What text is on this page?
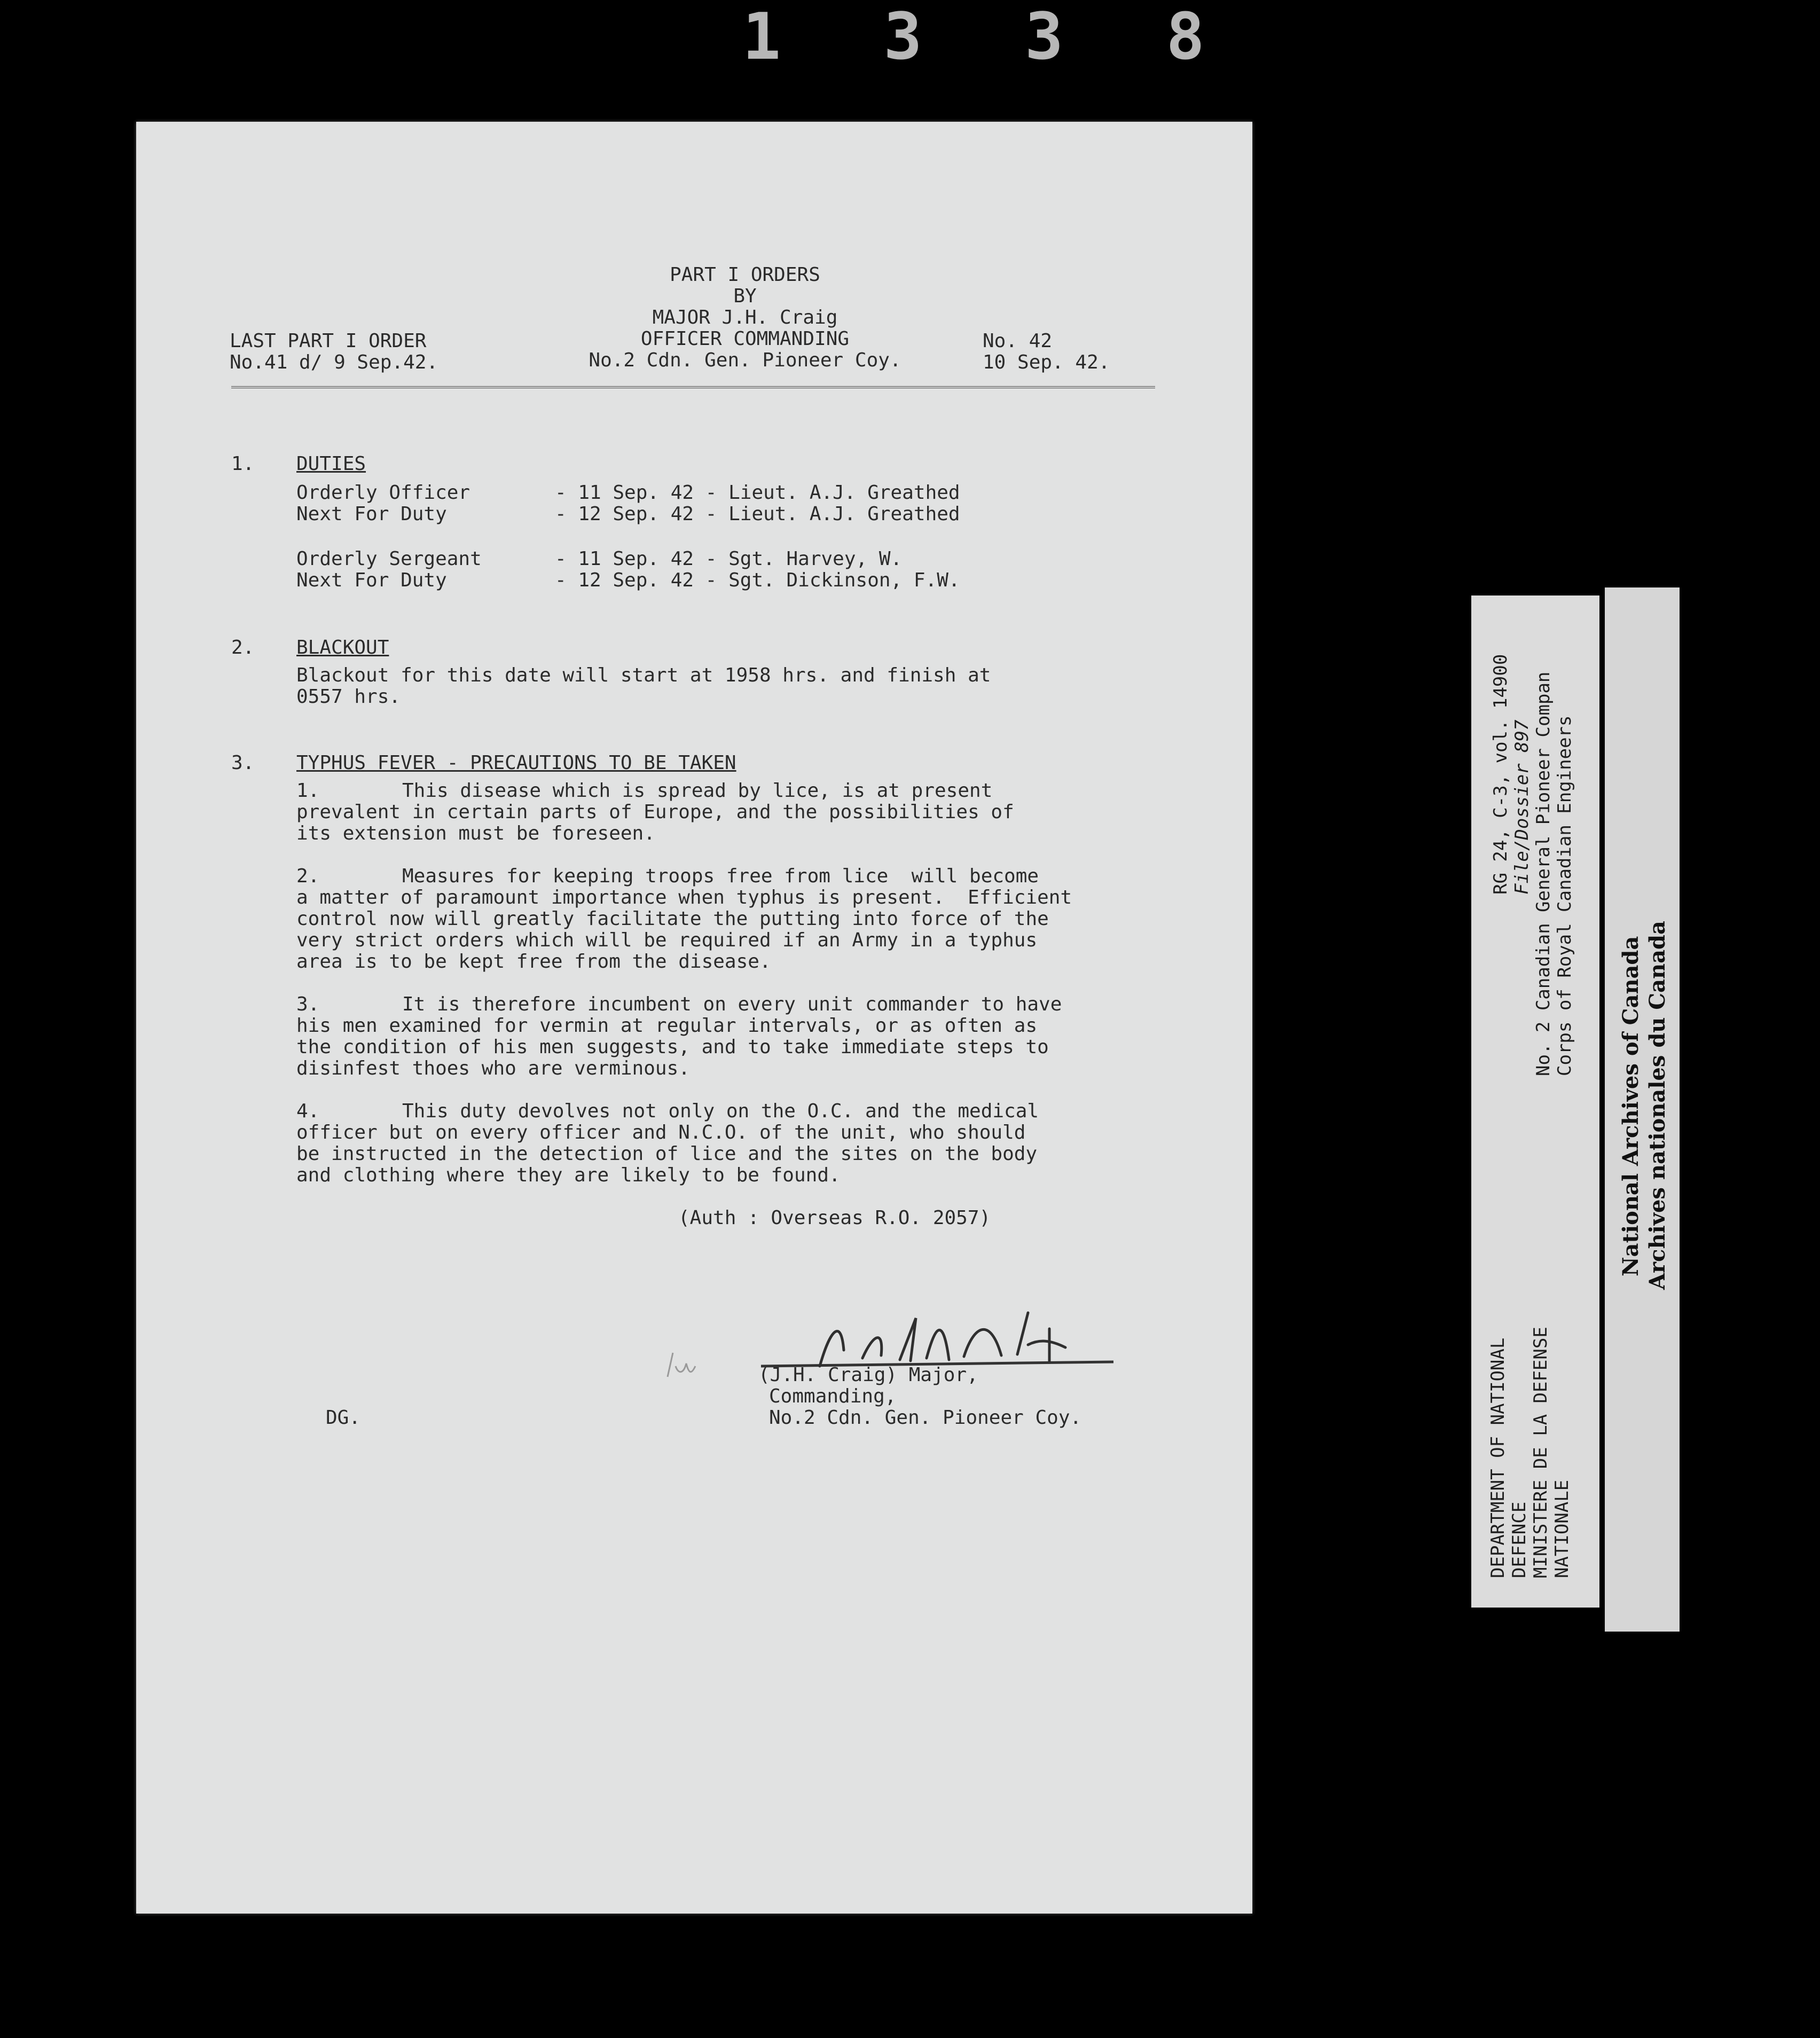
1 3 3 8
PART I ORDERS
BY
MAJOR J.H. Craig
OFFICER COMMANDING
No.2 Cdn. Gen. Pioneer Coy.
LAST PART I ORDER
No.41 d/ 9 Sep.42.
No. 42
10 Sep. 42.
1. DUTIES
Orderly Officer	- 11 Sep. 42 - Lieut. A.J. Greathed
Next For Duty	- 12 Sep. 42 - Lieut. A.J. Greathed
Orderly Sergeant	- 11 Sep. 42 - Sgt. Harvey, W.
Next For Duty	- 12 Sep. 42 - Sgt. Dickinson, F.W.
2. BLACKOUT
Blackout for this date will start at 1958 hrs. and finish at
0557 hrs.
3. TYPHUS FEVER - PRECAUTIONS TO BE TAKEN
1.	This disease which is spread by lice, is at present
prevalent in certain parts of Europe, and the possibilities of
its extension must be foreseen.
2.	Measures for keeping troops free from lice  will become
a matter of paramount importance when typhus is present.  Efficient
control now will greatly facilitate the putting into force of the
very strict orders which will be required if an Army in a typhus
area is to be kept free from the disease.
3.	It is therefore incumbent on every unit commander to have
his men examined for vermin at regular intervals, or as often as
the condition of his men suggests, and to take immediate steps to
disinfest thoes who are verminous.
4.	This duty devolves not only on the O.C. and the medical
officer but on every officer and N.C.O. of the unit, who should
be instructed in the detection of lice and the sites on the body
and clothing where they are likely to be found.
(Auth : Overseas R.O. 2057)
(J.H. Craig) Major,
Commanding,
No.2 Cdn. Gen. Pioneer Coy.
DG.
RG 24, C-3, vol. 14900 File/Dossier 897 No. 2 Canadian General Pioneer Compan Corps of Royal Canadian Engineers
DEPARTMENT OF NATIONAL DEFENCE MINISTERE DE LA DEFENSE NATIONALE
National Archives of Canada Archives nationales du Canada
